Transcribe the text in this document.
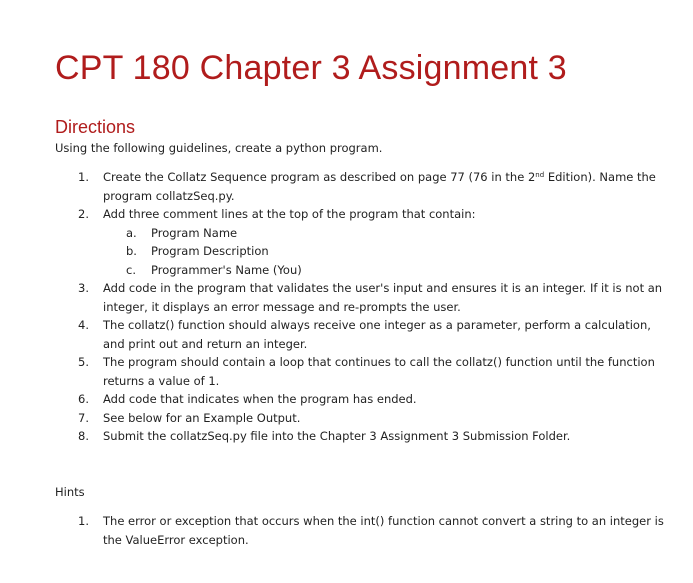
CPT 180 Chapter 3 Assignment 3
Directions
Using the following guidelines, create a python program.
1.	Create the Collatz Sequence program as described on page 77 (76 in the 2nd Edition). Name the program collatzSeq.py.
2.	Add three comment lines at the top of the program that contain:
a. Program Name
b. Program Description
c. Programmer's Name (You)
3.	Add code in the program that validates the user's input and ensures it is an integer. If it is not an integer, it displays an error message and re-prompts the user.
4.	The collatz() function should always receive one integer as a parameter, perform a calculation, and print out and return an integer.
5.	The program should contain a loop that continues to call the collatz() function until the function returns a value of 1.
6.	Add code that indicates when the program has ended.
7.	See below for an Example Output.
8.	Submit the collatzSeq.py file into the Chapter 3 Assignment 3 Submission Folder.
Hints
1.	The error or exception that occurs when the int() function cannot convert a string to an integer is the ValueError exception.
